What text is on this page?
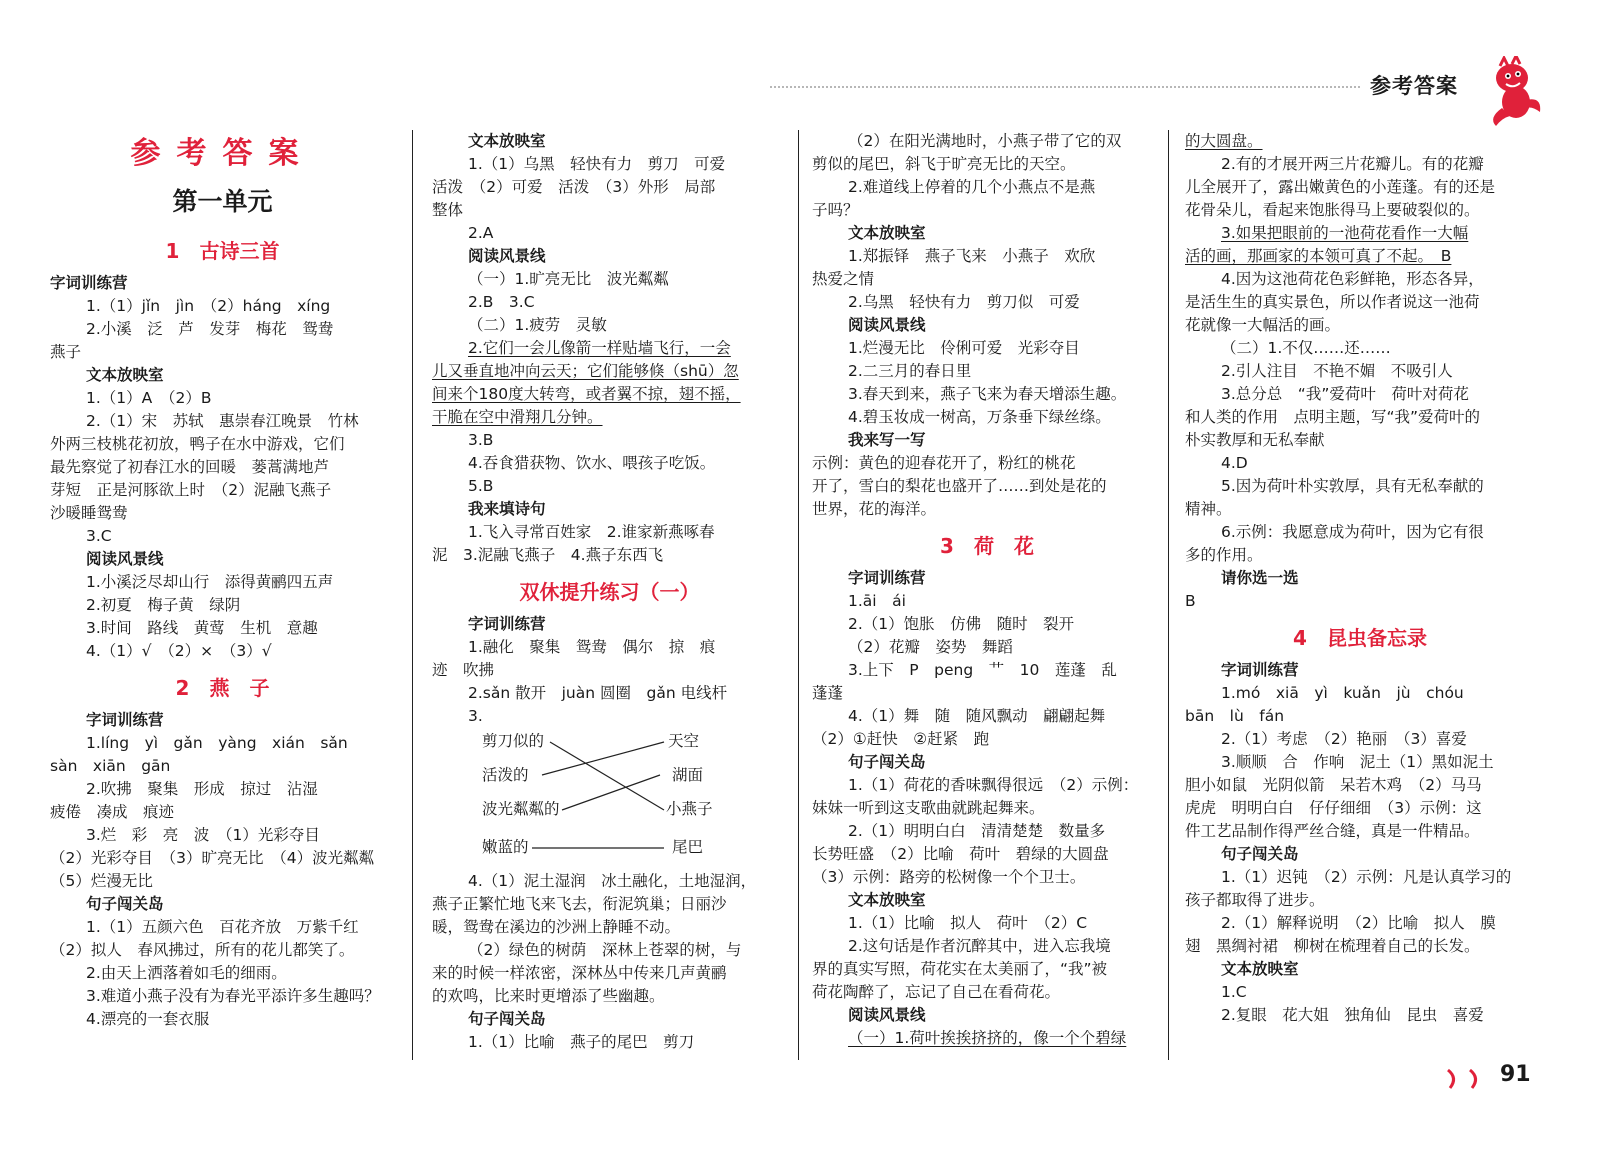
参考答案
参考答案
第一单元
1　古诗三首
字词训练营
1.（1）jǐn　jìn　（2）háng　xíng
2.小溪　泛　芦　发芽　梅花　鸳鸯
燕子
文本放映室
1.（1）A　（2）B
2.（1）宋　苏轼　惠崇春江晚景　竹林
外两三枝桃花初放，鸭子在水中游戏，它们
最先察觉了初春江水的回暖　蒌蒿满地芦
芽短　正是河豚欲上时　（2）泥融飞燕子
沙暖睡鸳鸯
3.C
阅读风景线
1.小溪泛尽却山行　添得黄鹂四五声
2.初夏　梅子黄　绿阴
3.时间　路线　黄莺　生机　意趣
4.（1）√　（2）×　（3）√
2　燕　子
字词训练营
1.líng　yì　gǎn　yàng　xián　sǎn
sàn　xiān　gān
2.吹拂　聚集　形成　掠过　沾湿
疲倦　凑成　痕迹
3.烂　彩　亮　波　（1）光彩夺目
（2）光彩夺目　（3）旷亮无比　（4）波光粼粼
（5）烂漫无比
句子闯关岛
1.（1）五颜六色　百花齐放　万紫千红
（2）拟人　春风拂过，所有的花儿都笑了。
2.由天上洒落着如毛的细雨。
3.难道小燕子没有为春光平添许多生趣吗？
4.漂亮的一套衣服
文本放映室
1.（1）乌黑　轻快有力　剪刀　可爱
活泼　（2）可爱　活泼　（3）外形　局部
整体
2.A
阅读风景线
（一）1.旷亮无比　波光粼粼
2.B　3.C
（二）1.疲劳　灵敏
2.它们一会儿像箭一样贴墙飞行，一会
儿又垂直地冲向云天；它们能够倏（shū）忽
间来个180度大转弯，或者翼不掠，翅不摇，
干脆在空中滑翔几分钟。
3.B
4.吞食猎获物、饮水、喂孩子吃饭。
5.B
我来填诗句
1.飞入寻常百姓家　2.谁家新燕啄春
泥　3.泥融飞燕子　4.燕子东西飞
双休提升练习（一）
字词训练营
1.融化　聚集　鸳鸯　偶尔　掠　痕
迹　吹拂
2.sǎn 散开　juàn 圆圈　gǎn 电线杆
3.
剪刀似的
活泼的
波光粼粼的
嫩蓝的
天空
湖面
小燕子
尾巴
4.（1）泥土湿润　冰土融化，土地湿润，
燕子正繁忙地飞来飞去，衔泥筑巢；日丽沙
暖，鸳鸯在溪边的沙洲上静睡不动。
（2）绿色的树荫　深林上苍翠的树，与
来的时候一样浓密，深林丛中传来几声黄鹂
的欢鸣，比来时更增添了些幽趣。
句子闯关岛
1.（1）比喻　燕子的尾巴　剪刀
（2）在阳光满地时，小燕子带了它的双
剪似的尾巴，斜飞于旷亮无比的天空。
2.难道线上停着的几个小燕点不是燕
子吗？
文本放映室
1.郑振铎　燕子飞来　小燕子　欢欣
热爱之情
2.乌黑　轻快有力　剪刀似　可爱
阅读风景线
1.烂漫无比　伶俐可爱　光彩夺目
2.二三月的春日里
3.春天到来，燕子飞来为春天增添生趣。
4.碧玉妆成一树高，万条垂下绿丝绦。
我来写一写
示例：黄色的迎春花开了，粉红的桃花
开了，雪白的梨花也盛开了……到处是花的
世界，花的海洋。
3　荷　花
字词训练营
1.āi　ái
2.（1）饱胀　仿佛　随时　裂开
（2）花瓣　姿势　舞蹈
3.上下　P　peng　艹　10　莲蓬　乱
蓬蓬
4.（1）舞　随　随风飘动　翩翩起舞
（2）①赶快　②赶紧　跑
句子闯关岛
1.（1）荷花的香味飘得很远　（2）示例：
妹妹一听到这支歌曲就跳起舞来。
2.（1）明明白白　清清楚楚　数量多
长势旺盛　（2）比喻　荷叶　碧绿的大圆盘
（3）示例：路旁的松树像一个个卫士。
文本放映室
1.（1）比喻　拟人　荷叶　（2）C
2.这句话是作者沉醉其中，进入忘我境
界的真实写照，荷花实在太美丽了，“我”被
荷花陶醉了，忘记了自己在看荷花。
阅读风景线
（一）1.荷叶挨挨挤挤的，像一个个碧绿
的大圆盘。
2.有的才展开两三片花瓣儿。有的花瓣
儿全展开了，露出嫩黄色的小莲蓬。有的还是
花骨朵儿，看起来饱胀得马上要破裂似的。
3.如果把眼前的一池荷花看作一大幅
活的画，那画家的本领可真了不起。　B
4.因为这池荷花色彩鲜艳，形态各异，
是活生生的真实景色，所以作者说这一池荷
花就像一大幅活的画。
（二）1.不仅……还……
2.引人注目　不艳不媚　不吸引人
3.总分总　“我”爱荷叶　荷叶对荷花
和人类的作用　点明主题，写“我”爱荷叶的
朴实教厚和无私奉献
4.D
5.因为荷叶朴实敦厚，具有无私奉献的
精神。
6.示例：我愿意成为荷叶，因为它有很
多的作用。
请你选一选
B
4　昆虫备忘录
字词训练营
1.mó　xiā　yì　kuǎn　jù　chóu
bān　lù　fán
2.（1）考虑　（2）艳丽　（3）喜爱
3.顺顺　合　作响　泥土（1）黑如泥土
胆小如鼠　光阴似箭　呆若木鸡　（2）马马
虎虎　明明白白　仔仔细细　（3）示例：这
件工艺品制作得严丝合缝，真是一件精品。
句子闯关岛
1.（1）迟钝　（2）示例：凡是认真学习的
孩子都取得了进步。
2.（1）解释说明　（2）比喻　拟人　膜
翅　黑绸衬裙　柳树在梳理着自己的长发。
文本放映室
1.C
2.复眼　花大姐　独角仙　昆虫　喜爱
91
